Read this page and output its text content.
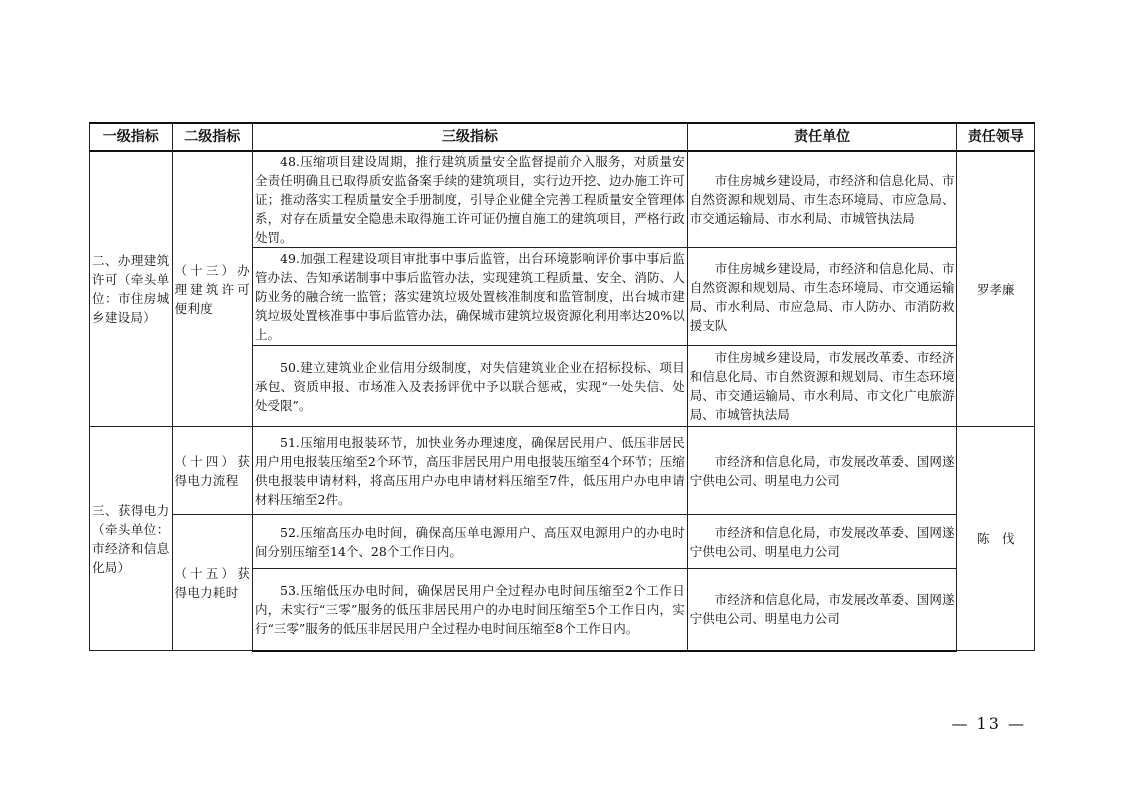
一级指标	二级指标	三级指标	责任单位	责任领导
二、办理建筑许可（牵头单位：市住房城乡建设局）	（十三）办理建筑许可便利度	48.压缩项目建设周期，推行建筑质量安全监督提前介入服务，对质量安全责任明确且已取得质安监备案手续的建筑项目，实行边开挖、边办施工许可证；推动落实工程质量安全手册制度，引导企业健全完善工程质量安全管理体系，对存在质量安全隐患未取得施工许可证仍擅自施工的建筑项目，严格行政处罚。	市住房城乡建设局，市经济和信息化局、市自然资源和规划局、市生态环境局、市应急局、市交通运输局、市水利局、市城管执法局	罗孝廉
		49.加强工程建设项目审批事中事后监管，出台环境影响评价事中事后监管办法、告知承诺制事中事后监管办法，实现建筑工程质量、安全、消防、人防业务的融合统一监管；落实建筑垃圾处置核准制度和监管制度，出台城市建筑垃圾处置核准事中事后监管办法，确保城市建筑垃圾资源化利用率达20%以上。	市住房城乡建设局，市经济和信息化局、市自然资源和规划局、市生态环境局、市交通运输局、市水利局、市应急局、市人防办、市消防救援支队	
		50.建立建筑业企业信用分级制度，对失信建筑业企业在招标投标、项目承包、资质申报、市场准入及表扬评优中予以联合惩戒，实现“一处失信、处处受限”。	市住房城乡建设局，市发展改革委、市经济和信息化局、市自然资源和规划局、市生态环境局、市交通运输局、市水利局、市文化广电旅游局、市城管执法局	
三、获得电力（牵头单位：市经济和信息化局）	（十四）获得电力流程	51.压缩用电报装环节，加快业务办理速度，确保居民用户、低压非居民用户用电报装压缩至2个环节，高压非居民用户用电报装压缩至4个环节；压缩供电报装申请材料，将高压用户办电申请材料压缩至7件，低压用户办电申请材料压缩至2件。	市经济和信息化局，市发展改革委、国网遂宁供电公司、明星电力公司	陈　伐
	（十五）获得电力耗时	52.压缩高压办电时间，确保高压单电源用户、高压双电源用户的办电时间分别压缩至14个、28个工作日内。	市经济和信息化局，市发展改革委、国网遂宁供电公司、明星电力公司	
		53.压缩低压办电时间，确保居民用户全过程办电时间压缩至2个工作日内，未实行“三零”服务的低压非居民用户的办电时间压缩至5个工作日内，实行“三零”服务的低压非居民用户全过程办电时间压缩至8个工作日内。	市经济和信息化局，市发展改革委、国网遂宁供电公司、明星电力公司	
— 13 —
